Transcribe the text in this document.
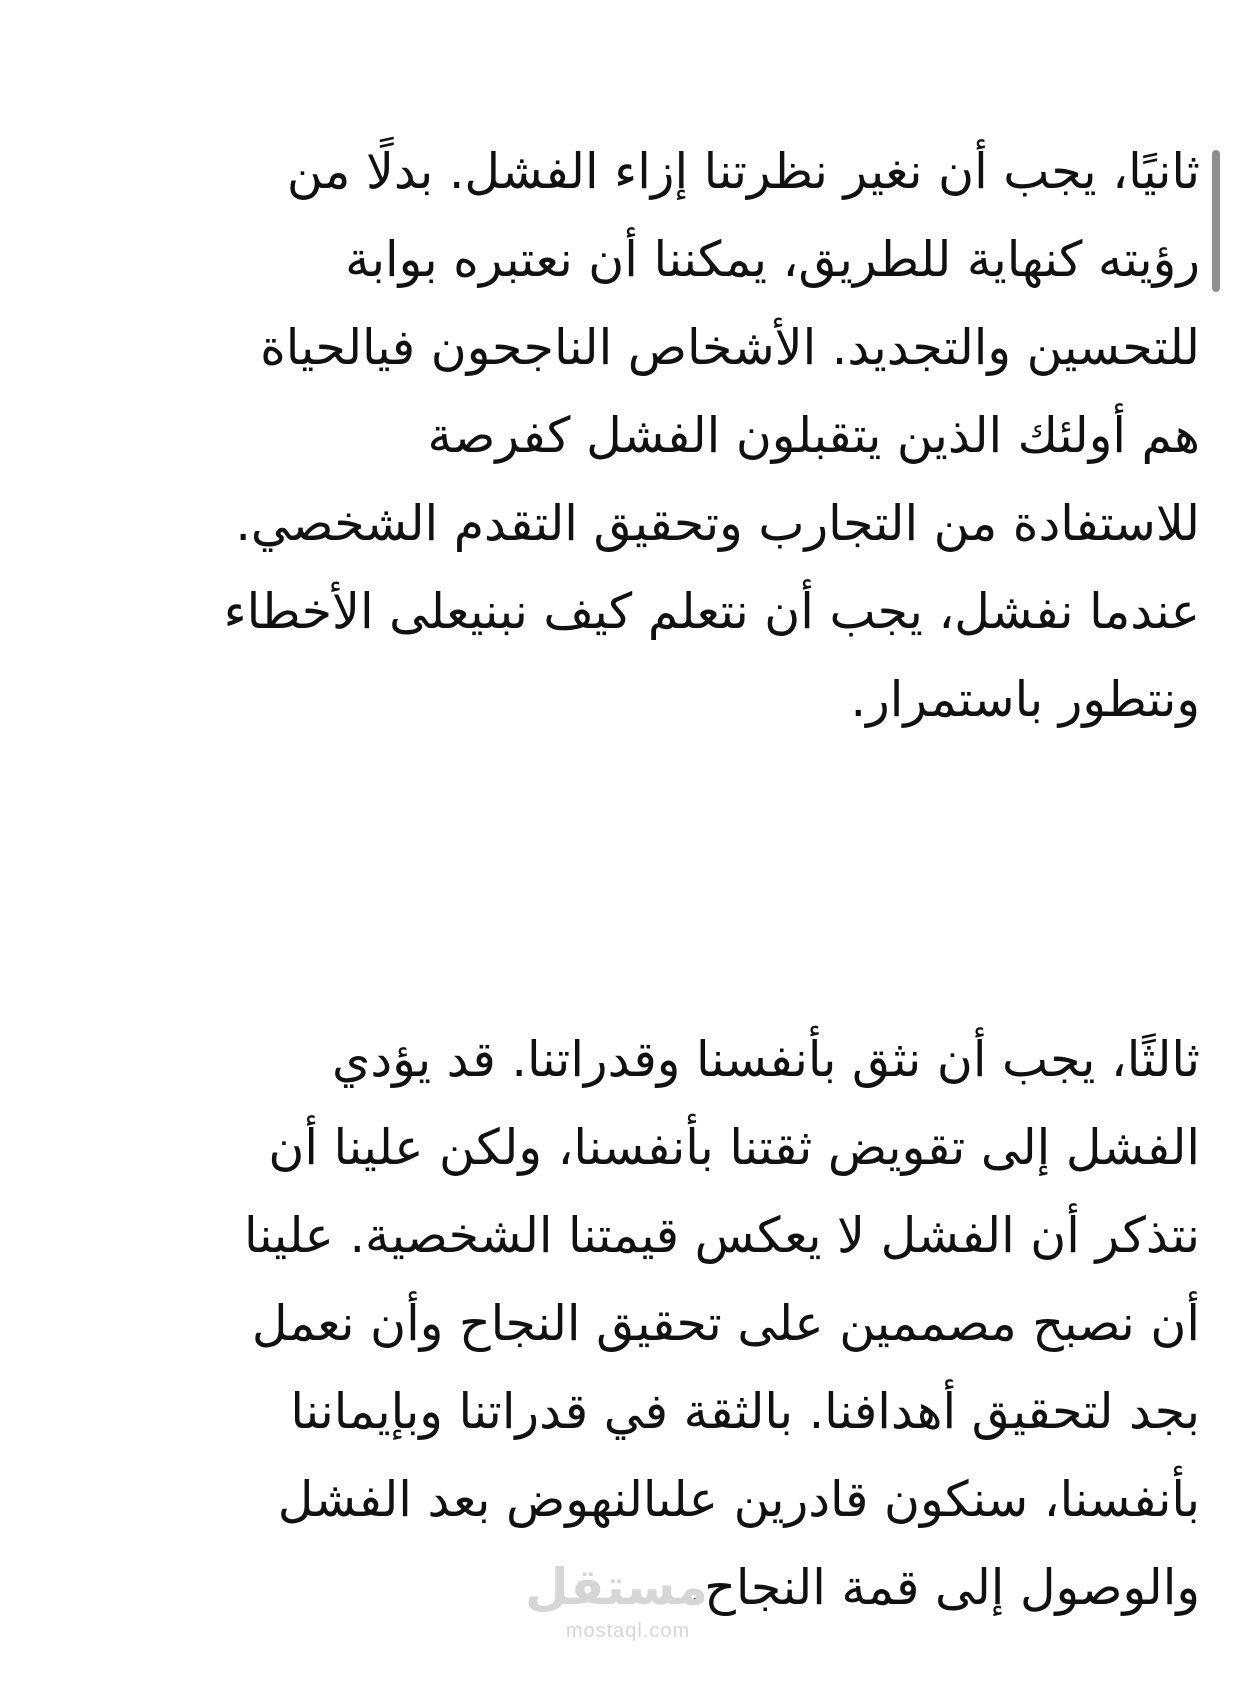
ثانيًا، يجب أن نغير نظرتنا إزاء الفشل. بدلًا من
رؤيته كنهاية للطريق، يمكننا أن نعتبره بوابة
للتحسين والتجديد. الأشخاص الناجحون فيالحياة
هم أولئك الذين يتقبلون الفشل كفرصة
للاستفادة من التجارب وتحقيق التقدم الشخصي.
عندما نفشل، يجب أن نتعلم كيف نبنيعلى الأخطاء
ونتطور باستمرار.
ثالثًا، يجب أن نثق بأنفسنا وقدراتنا. قد يؤدي
الفشل إلى تقويض ثقتنا بأنفسنا، ولكن علينا أن
نتذكر أن الفشل لا يعكس قيمتنا الشخصية. علينا
أن نصبح مصممين على تحقيق النجاح وأن نعمل
بجد لتحقيق أهدافنا. بالثقة في قدراتنا وبإيماننا
بأنفسنا، سنكون قادرين علىالنهوض بعد الفشل
والوصول إلى قمة النجاح.
مستقل
mostaql.com
